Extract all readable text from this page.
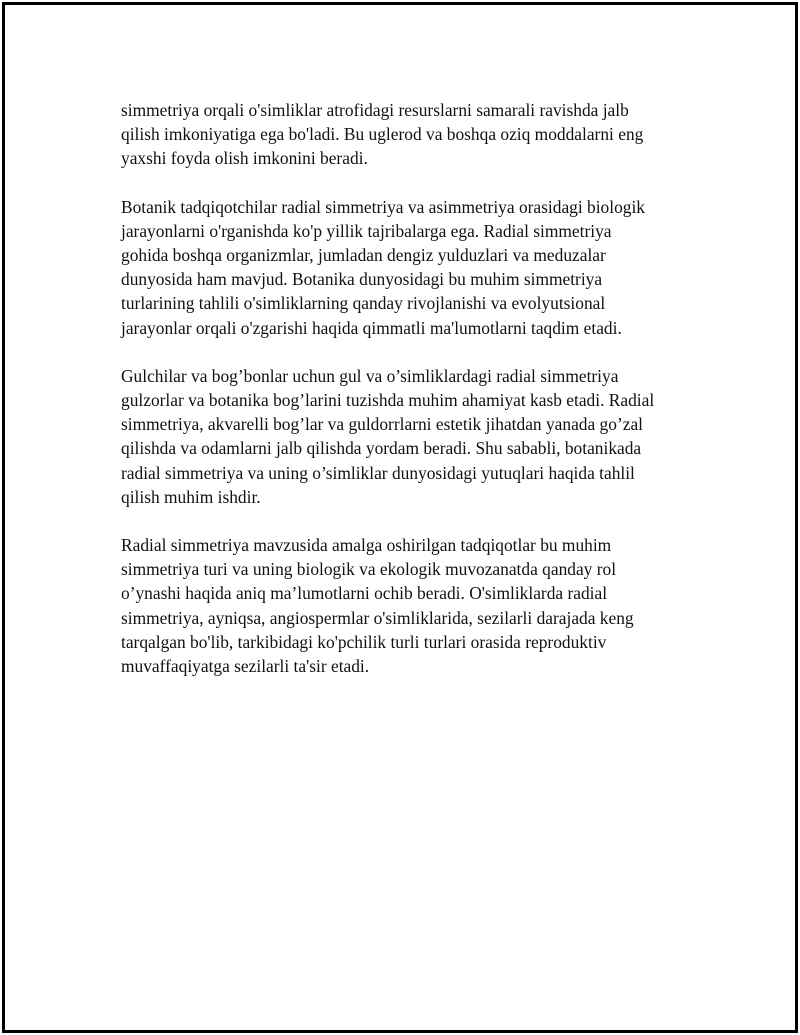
simmetriya orqali o'simliklar atrofidagi resurslarni samarali ravishda jalb
qilish imkoniyatiga ega bo'ladi. Bu uglerod va boshqa oziq moddalarni eng
yaxshi foyda olish imkonini beradi.

Botanik tadqiqotchilar radial simmetriya va asimmetriya orasidagi biologik
jarayonlarni o'rganishda ko'p yillik tajribalarga ega. Radial simmetriya
gohida boshqa organizmlar, jumladan dengiz yulduzlari va meduzalar
dunyosida ham mavjud. Botanika dunyosidagi bu muhim simmetriya
turlarining tahlili o'simliklarning qanday rivojlanishi va evolyutsional
jarayonlar orqali o'zgarishi haqida qimmatli ma'lumotlarni taqdim etadi.

Gulchilar va bog’bonlar uchun gul va o’simliklardagi radial simmetriya
gulzorlar va botanika bog’larini tuzishda muhim ahamiyat kasb etadi. Radial
simmetriya, akvarelli bog’lar va guldorrlarni estetik jihatdan yanada go’zal
qilishda va odamlarni jalb qilishda yordam beradi. Shu sababli, botanikada
radial simmetriya va uning o’simliklar dunyosidagi yutuqlari haqida tahlil
qilish muhim ishdir.

Radial simmetriya mavzusida amalga oshirilgan tadqiqotlar bu muhim
simmetriya turi va uning biologik va ekologik muvozanatda qanday rol
o’ynashi haqida aniq ma’lumotlarni ochib beradi. O'simliklarda radial
simmetriya, ayniqsa, angiospermlar o'simliklarida, sezilarli darajada keng
tarqalgan bo'lib, tarkibidagi ko'pchilik turli turlari orasida reproduktiv
muvaffaqiyatga sezilarli ta'sir etadi.
